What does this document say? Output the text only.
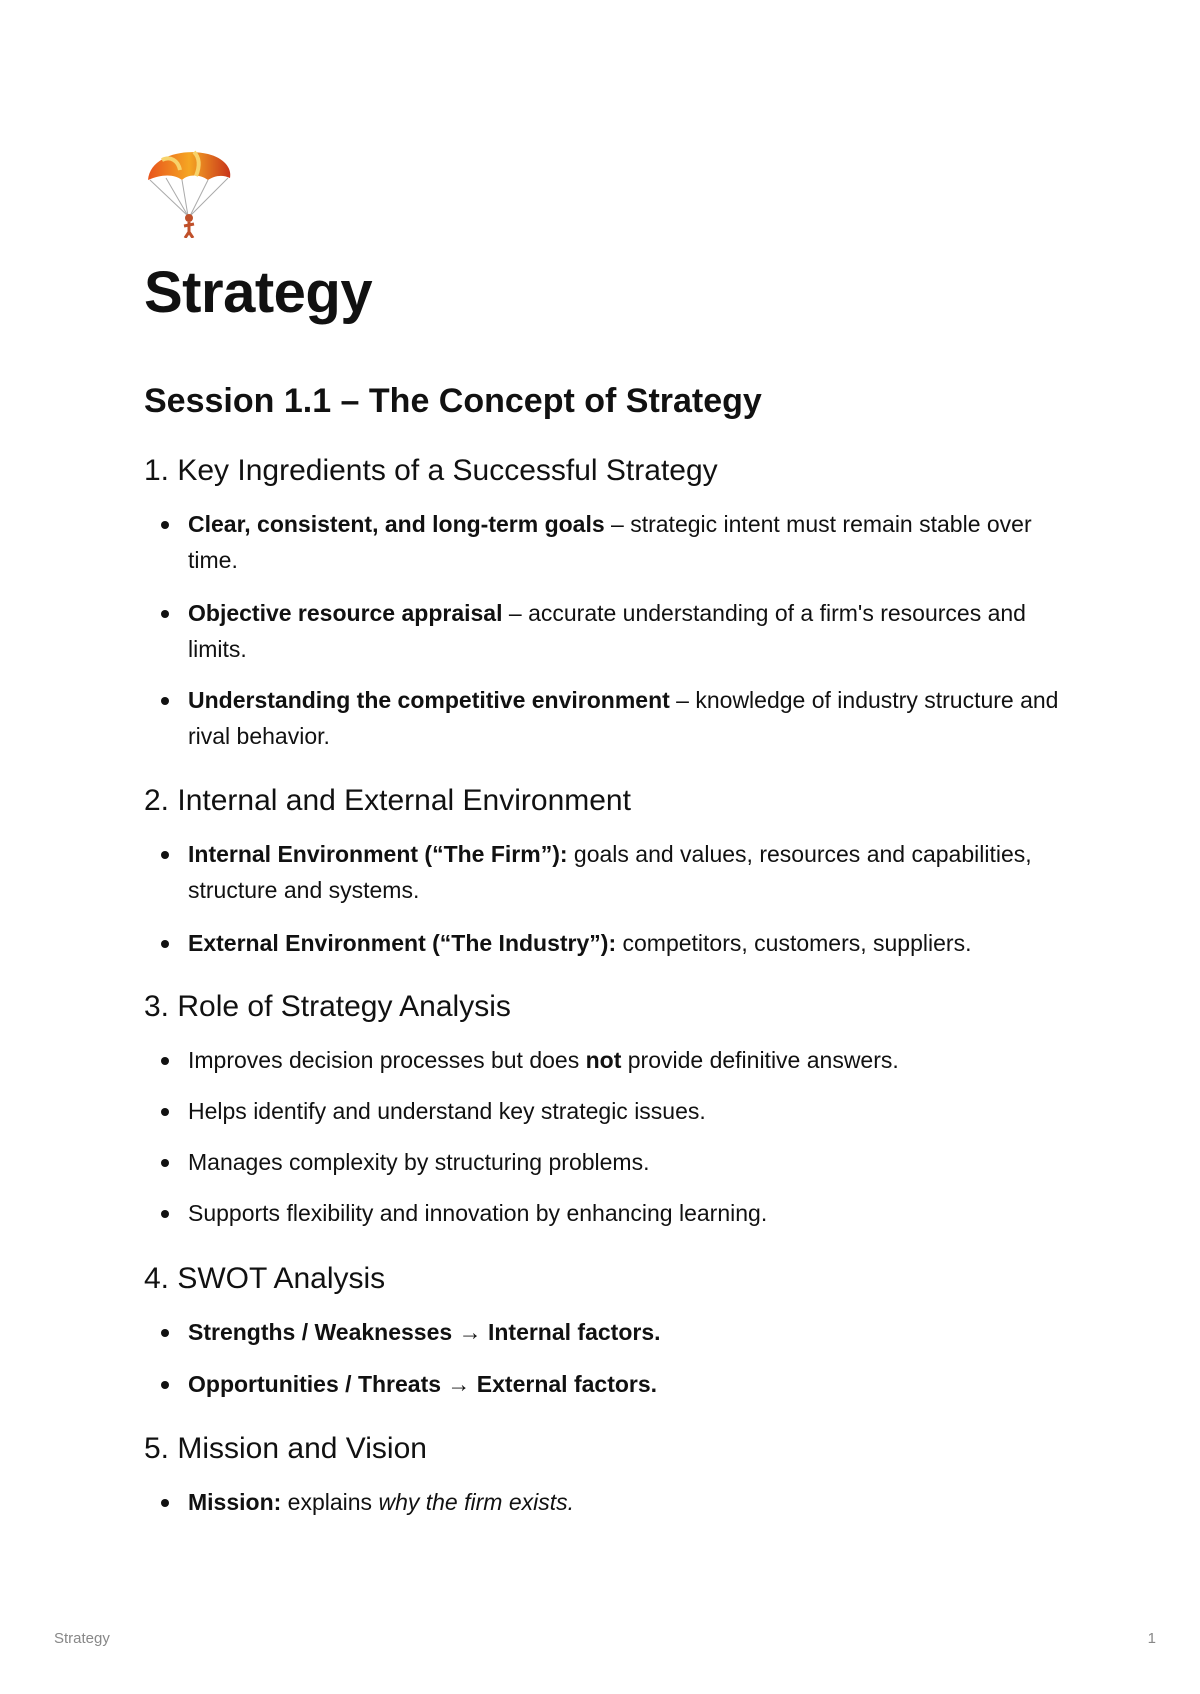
Strategy
Session 1.1 – The Concept of Strategy
1. Key Ingredients of a Successful Strategy

Clear, consistent, and long-term goals – strategic intent must remain stable over time.

Objective resource appraisal – accurate understanding of a firm's resources and limits.

Understanding the competitive environment – knowledge of industry structure and rival behavior.

2. Internal and External Environment

Internal Environment (“The Firm”): goals and values, resources and capabilities, structure and systems.

External Environment (“The Industry”): competitors, customers, suppliers.

3. Role of Strategy Analysis

Improves decision processes but does not provide definitive answers.

Helps identify and understand key strategic issues.

Manages complexity by structuring problems.

Supports flexibility and innovation by enhancing learning.

4. SWOT Analysis

Strengths / Weaknesses → Internal factors.

Opportunities / Threats → External factors.

5. Mission and Vision

Mission: explains why the firm exists.

Strategy	1
